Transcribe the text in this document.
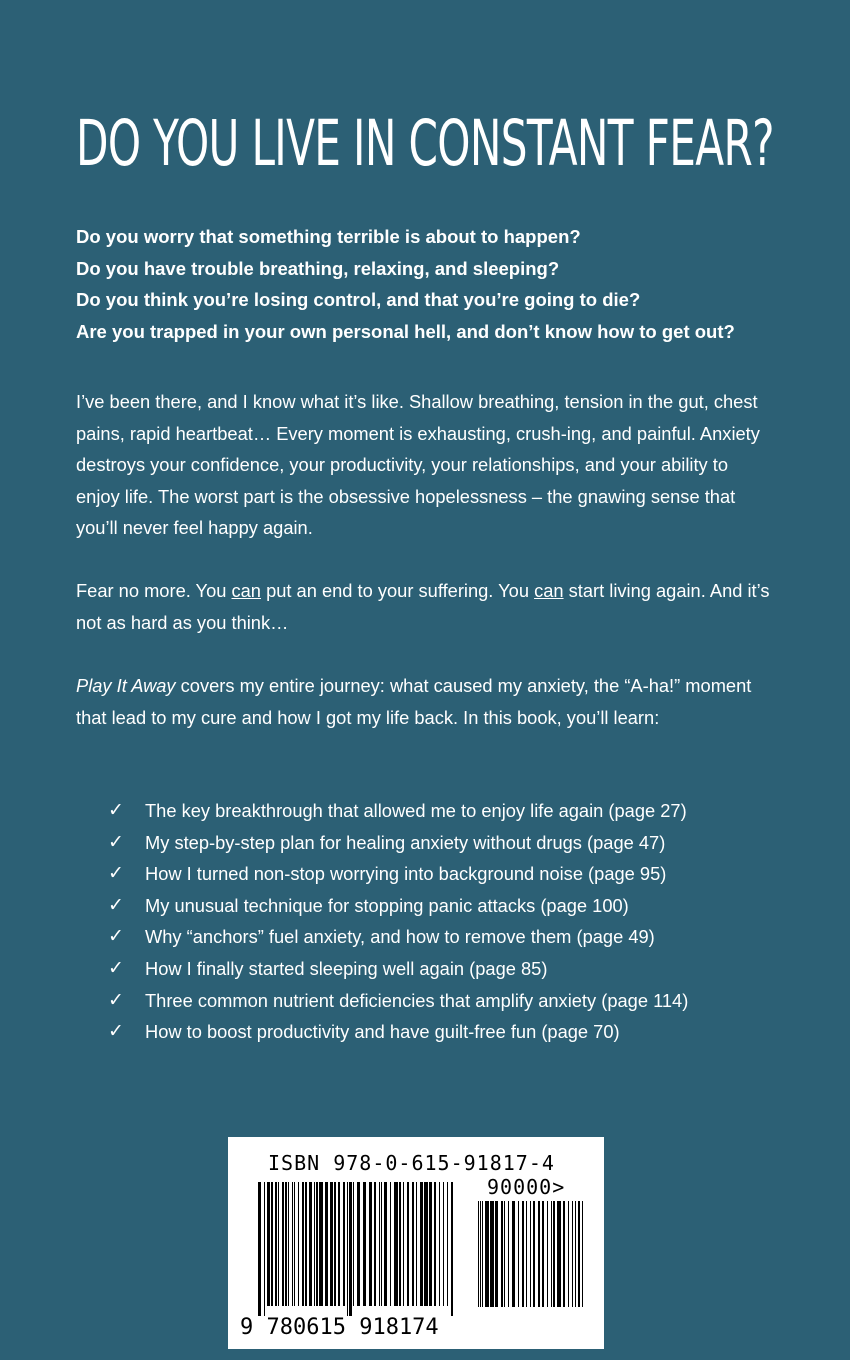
DO YOU LIVE IN CONSTANT FEAR?
Do you worry that something terrible is about to happen?
Do you have trouble breathing, relaxing, and sleeping?
Do you think you’re losing control, and that you’re going to die?
Are you trapped in your own personal hell, and don’t know how to get out?

I’ve been there, and I know what it’s like. Shallow breathing, tension in the gut, chest pains, rapid heartbeat… Every moment is exhausting, crush-ing, and painful. Anxiety destroys your confidence, your productivity, your relationships, and your ability to enjoy life. The worst part is the obsessive hopelessness – the gnawing sense that you’ll never feel happy again.

Fear no more. You can put an end to your suffering. You can start living again. And it’s not as hard as you think…

Play It Away covers my entire journey: what caused my anxiety, the “A-ha!” moment that lead to my cure and how I got my life back. In this book, you’ll learn:

✓	The key breakthrough that allowed me to enjoy life again (page 27)
✓	My step-by-step plan for healing anxiety without drugs (page 47)
✓	How I turned non-stop worrying into background noise (page 95)
✓	My unusual technique for stopping panic attacks (page 100)
✓	Why “anchors” fuel anxiety, and how to remove them (page 49)
✓	How I finally started sleeping well again (page 85)
✓	Three common nutrient deficiencies that amplify anxiety (page 114)
✓	How to boost productivity and have guilt-free fun (page 70)
ISBN 978-0-615-91817-4
90000>
9 780615 918174
